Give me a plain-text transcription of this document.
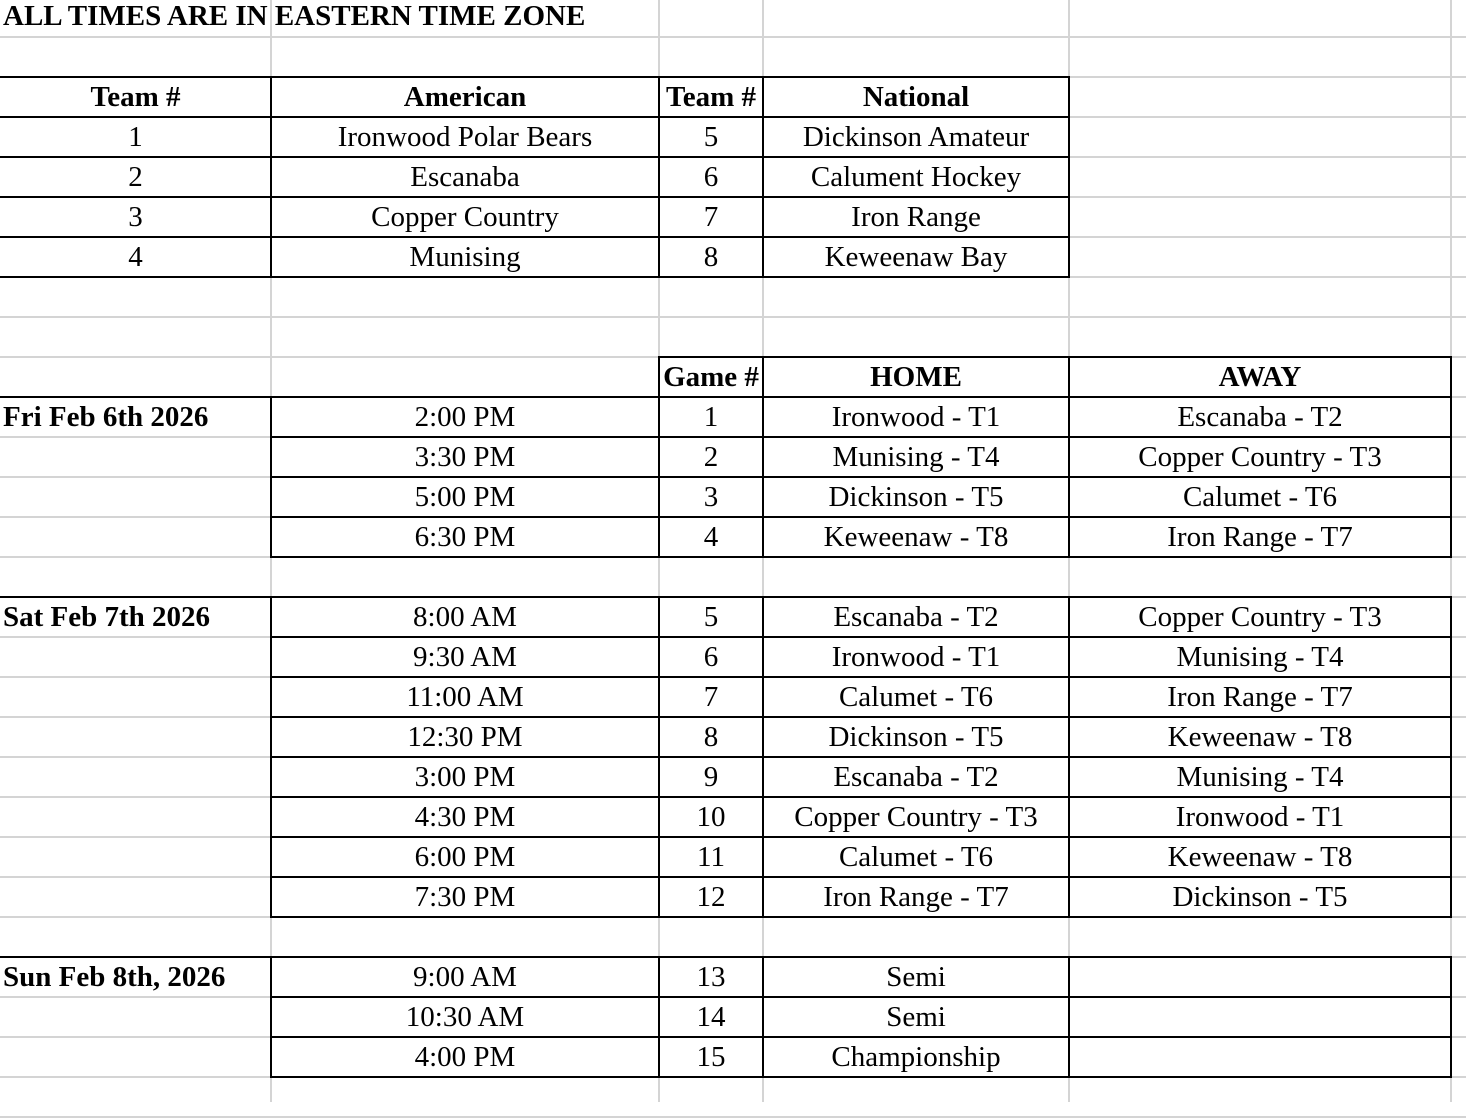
ALL TIMES ARE IN EASTERN TIME ZONE
Team #	American	Team #	National
1	Ironwood Polar Bears	5	Dickinson Amateur
2	Escanaba	6	Calument Hockey
3	Copper Country	7	Iron Range
4	Munising	8	Keweenaw Bay
Game #	HOME	AWAY
Fri Feb 6th 2026	2:00 PM	1	Ironwood - T1	Escanaba - T2
3:30 PM	2	Munising - T4	Copper Country - T3
5:00 PM	3	Dickinson - T5	Calumet - T6
6:30 PM	4	Keweenaw - T8	Iron Range - T7
Sat Feb 7th 2026	8:00 AM	5	Escanaba - T2	Copper Country - T3
9:30 AM	6	Ironwood - T1	Munising - T4
11:00 AM	7	Calumet - T6	Iron Range - T7
12:30 PM	8	Dickinson - T5	Keweenaw - T8
3:00 PM	9	Escanaba - T2	Munising - T4
4:30 PM	10	Copper Country - T3	Ironwood - T1
6:00 PM	11	Calumet - T6	Keweenaw - T8
7:30 PM	12	Iron Range - T7	Dickinson - T5
Sun Feb 8th, 2026	9:00 AM	13	Semi
10:30 AM	14	Semi
4:00 PM	15	Championship
